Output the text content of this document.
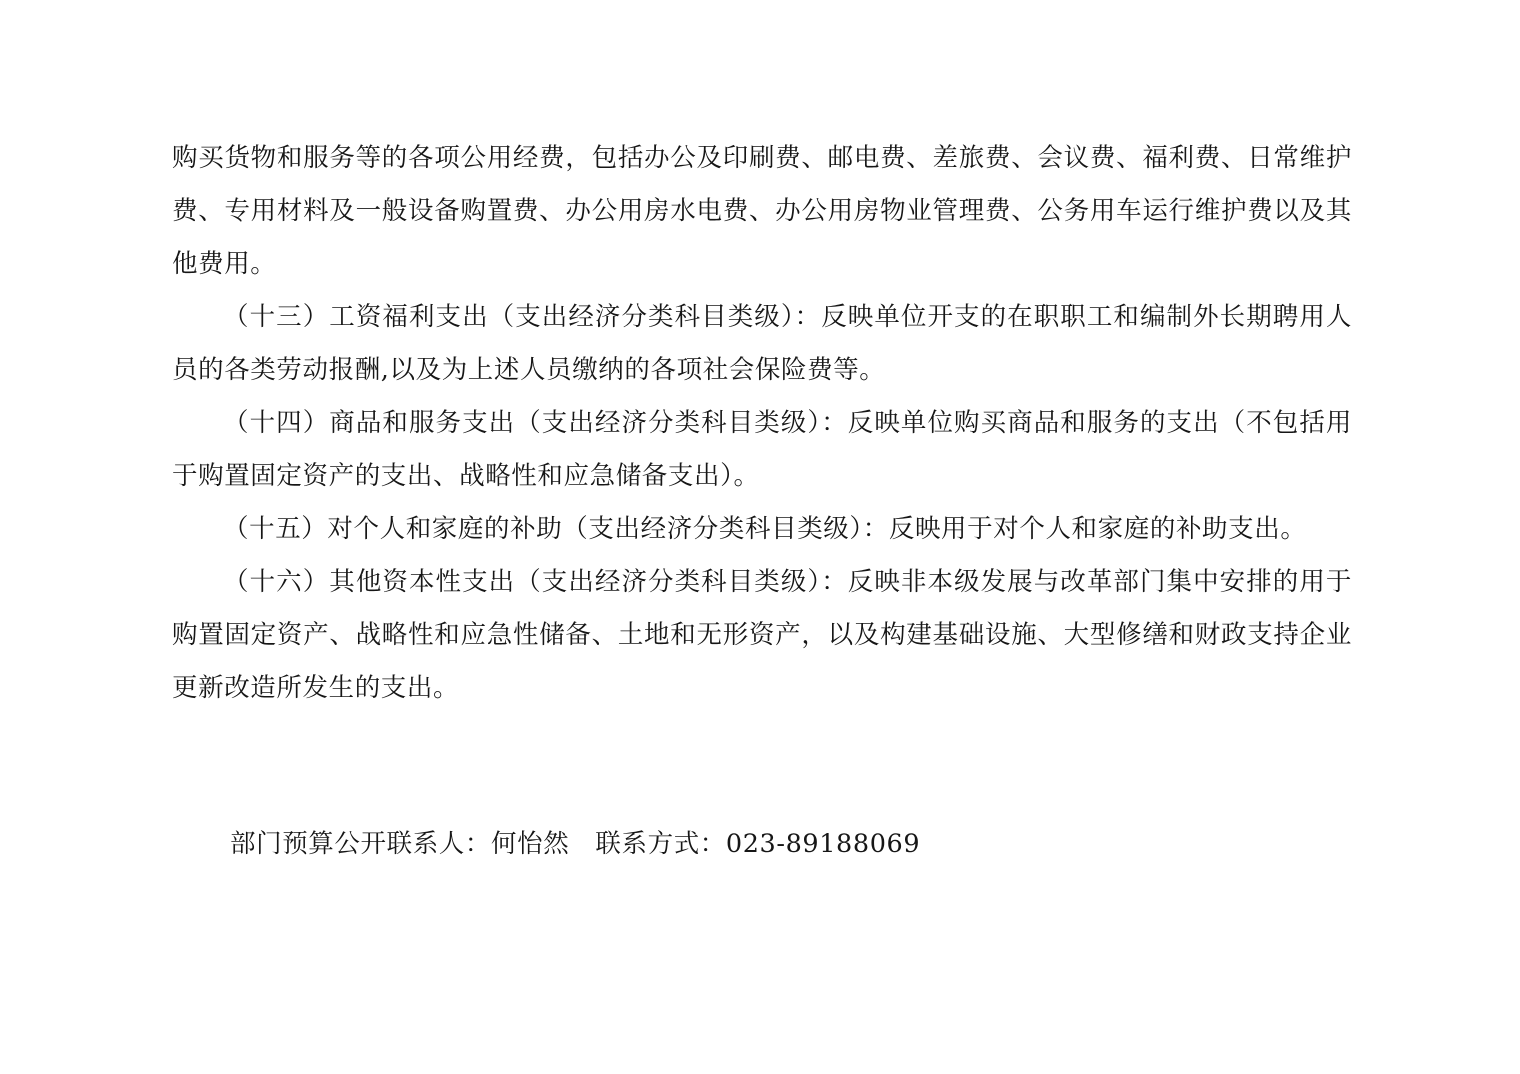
购买货物和服务等的各项公用经费，包括办公及印刷费、邮电费、差旅费、会议费、福利费、日常维护费、专用材料及一般设备购置费、办公用房水电费、办公用房物业管理费、公务用车运行维护费以及其他费用。

（十三）工资福利支出（支出经济分类科目类级）：反映单位开支的在职职工和编制外长期聘用人员的各类劳动报酬,以及为上述人员缴纳的各项社会保险费等。

（十四）商品和服务支出（支出经济分类科目类级）：反映单位购买商品和服务的支出（不包括用于购置固定资产的支出、战略性和应急储备支出）。

（十五）对个人和家庭的补助（支出经济分类科目类级）：反映用于对个人和家庭的补助支出。

（十六）其他资本性支出（支出经济分类科目类级）：反映非本级发展与改革部门集中安排的用于购置固定资产、战略性和应急性储备、土地和无形资产，以及构建基础设施、大型修缮和财政支持企业更新改造所发生的支出。

部门预算公开联系人：何怡然　联系方式：023-89188069
